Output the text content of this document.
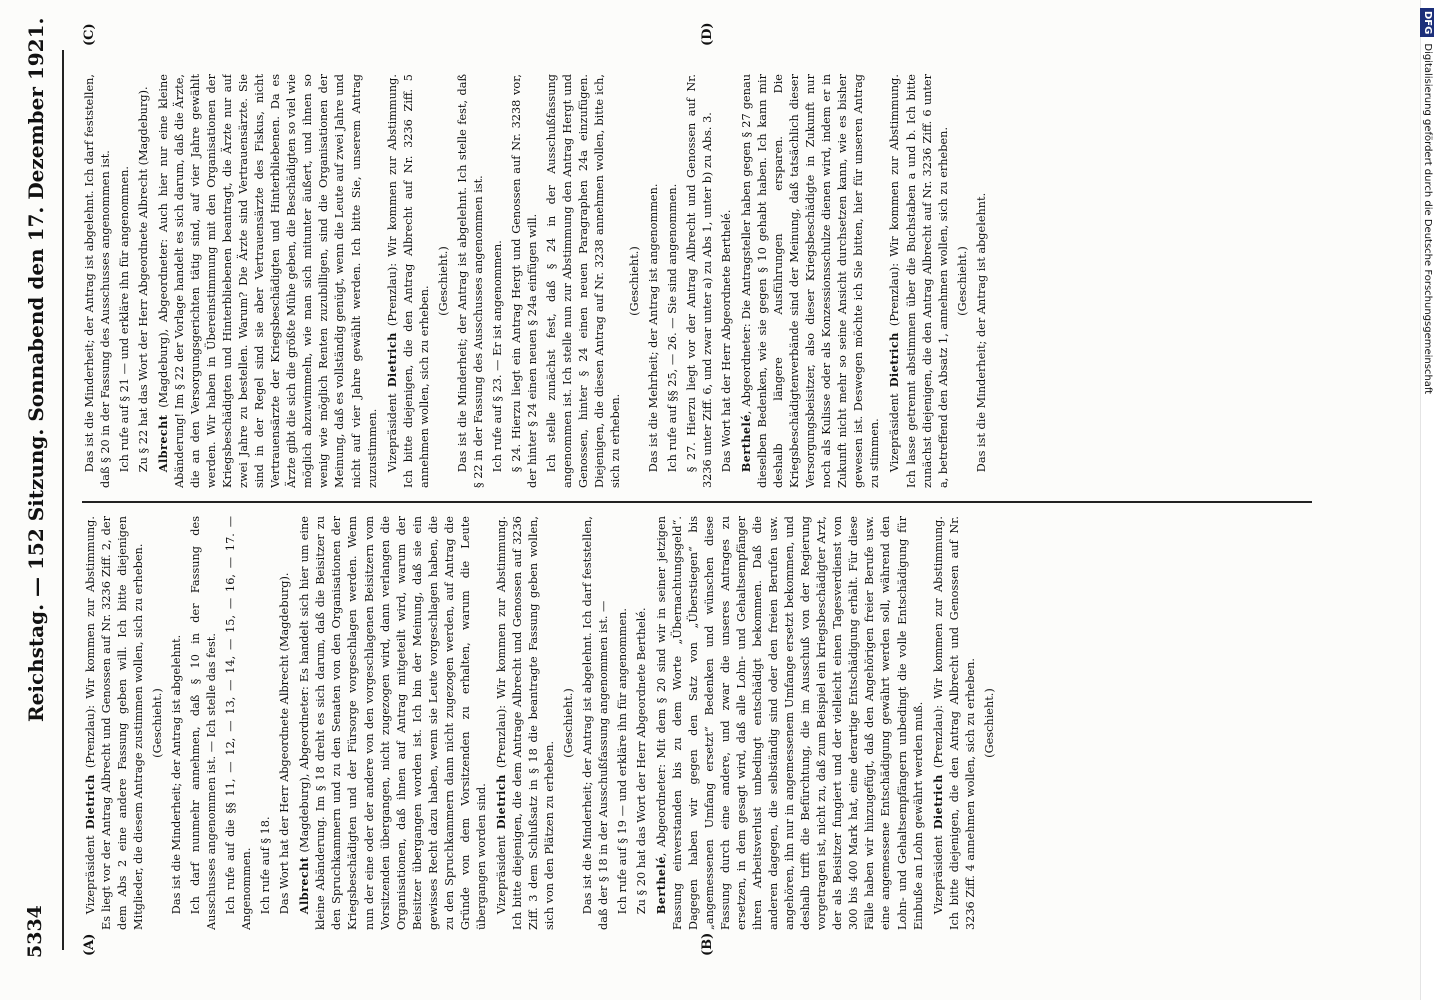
5334
Reichstag. — 152 Sitzung. Sonnabend den 17. Dezember 1921.
(A)	(B)
(C)	(D)

Vizepräsident Dietrich (Prenzlau): Wir kommen zur Abstimmung. Es liegt vor der Antrag Albrecht und Genossen auf Nr. 3236 Ziff. 2, der dem Abs 2 eine andere Fassung geben will. Ich bitte diejenigen Mitglieder, die diesem Antrage zustimmen wollen, sich zu erheben. (Geschieht.) Das ist die Minderheit; der Antrag ist abgelehnt. Ich darf nunmehr annehmen, daß § 10 in der Fassung des Ausschusses angenommen ist. — Ich stelle das fest. Ich rufe auf die §§ 11, — 12, — 13, — 14, — 15, — 16, — 17. — Angenommen. Ich rufe auf § 18. Das Wort hat der Herr Abgeordnete Albrecht (Magdeburg). Albrecht (Magdeburg), Abgeordneter: Es handelt sich hier um eine kleine Abänderung. Im § 18 dreht es sich darum, daß die Beisitzer zu den Spruchkammern und zu den Senaten von den Organisationen der Kriegsbeschädigten und der Fürsorge vorgeschlagen werden. Wenn nun der eine oder der andere von den vorgeschlagenen Beisitzern vom Vorsitzenden übergangen, nicht zugezogen wird, dann verlangen die Organisationen, daß ihnen auf Antrag mitgeteilt wird, warum der Beisitzer übergangen worden ist. Ich bin der Meinung, daß sie ein gewisses Recht dazu haben, wenn sie Leute vorgeschlagen haben, die zu den Spruchkammern dann nicht zugezogen werden, auf Antrag die Gründe von dem Vorsitzenden zu erhalten, warum die Leute übergangen worden sind. Vizepräsident Dietrich (Prenzlau): Wir kommen zur Abstimmung. Ich bitte diejenigen, die dem Antrage Albrecht und Genossen auf 3236 Ziff. 3 dem Schlußsatz in § 18 die beantragte Fassung geben wollen, sich von den Plätzen zu erheben.

(Geschieht.) Das ist die Minderheit; der Antrag ist abgelehnt. Ich darf feststellen, daß der § 18 in der Ausschußfassung angenommen ist. — Ich rufe auf § 19 — und erkläre ihn für angenommen. Zu § 20 hat das Wort der Herr Abgeordnete Berthelé. Berthelé, Abgeordneter: Mit dem § 20 sind wir in seiner jetzigen Fassung einverstanden bis zu dem Worte „Übernachtungsgeld“. Dagegen haben wir gegen den Satz von „Überstiegen“ bis „angemessenen Umfang ersetzt“ Bedenken und wünschen diese Fassung durch eine andere, und zwar die unseres Antrages zu ersetzen, in dem gesagt wird, daß alle Lohn- und Gehaltsempfänger ihren Arbeitsverlust unbedingt entschädigt bekommen. Daß die anderen dagegen, die selbständig sind oder den freien Berufen usw. angehören, ihn nur in angemessenem Umfange ersetzt bekommen, und deshalb trifft die Befürchtung, die im Ausschuß von der Regierung vorgetragen ist, nicht zu, daß zum Beispiel ein kriegsbeschädigter Arzt, der als Beisitzer fungiert und der vielleicht einen Tagesverdienst von 300 bis 400 Mark hat, eine derartige Entschädigung erhält. Für diese Fälle haben wir hinzugefügt, daß den Angehörigen freier Berufe usw. eine angemessene Entschädigung gewährt werden soll, während den Lohn- und Gehaltsempfängern unbedingt die volle Entschädigung für Einbuße an Lohn gewährt werden muß. Vizepräsident Dietrich (Prenzlau): Wir kommen zur Abstimmung. Ich bitte diejenigen, die den Antrag Albrecht und Genossen auf Nr. 3236 Ziff. 4 annehmen wollen, sich zu erheben. (Geschieht.)

Das ist die Minderheit; der Antrag ist abgelehnt. Ich darf feststellen, daß § 20 in der Fassung des Ausschusses angenommen ist. Ich rufe auf § 21 — und erkläre ihn für angenommen. Zu § 22 hat das Wort der Herr Abgeordnete Albrecht (Magdeburg). Albrecht (Magdeburg), Abgeordneter: Auch hier nur eine kleine Abänderung! Im § 22 der Vorlage handelt es sich darum, daß die Ärzte, die an den Versorgungsgerichten tätig sind, auf vier Jahre gewählt werden. Wir haben in Übereinstimmung mit den Organisationen der Kriegsbeschädigten und Hinterbliebenen beantragt, die Ärzte nur auf zwei Jahre zu bestellen. Warum? Die Ärzte sind Vertrauensärzte. Sie sind in der Regel sind sie aber Vertrauensärzte des Fiskus, nicht Vertrauensärzte der Kriegsbeschädigten und Hinterbliebenen. Da es Ärzte gibt die sich die größte Mühe geben, die Beschädigten so viel wie möglich abzuwimmeln, wie man sich mitunter äußert, und ihnen so wenig wie möglich Renten zuzubilligen, sind die Organisationen der Meinung, daß es vollständig genügt, wenn die Leute auf zwei Jahre und nicht auf vier Jahre gewählt werden. Ich bitte Sie, unserem Antrag zuzustimmen. Vizepräsident Dietrich (Prenzlau): Wir kommen zur Abstimmung. Ich bitte diejenigen, die den Antrag Albrecht auf Nr. 3236 Ziff. 5 annehmen wollen, sich zu erheben.

(Geschieht.) Das ist die Minderheit; der Antrag ist abgelehnt. Ich stelle fest, daß § 22 in der Fassung des Ausschusses angenommen ist. Ich rufe auf § 23. — Er ist angenommen. § 24. Hierzu liegt ein Antrag Hergt und Genossen auf Nr. 3238 vor, der hinter § 24 einen neuen § 24a einfügen will. Ich stelle zunächst fest, daß § 24 in der Ausschußfassung angenommen ist. Ich stelle nun zur Abstimmung den Antrag Hergt und Genossen, hinter § 24 einen neuen Paragraphen 24a einzufügen. Diejenigen, die diesen Antrag auf Nr. 3238 annehmen wollen, bitte ich, sich zu erheben.

(Geschieht.) Das ist die Mehrheit; der Antrag ist angenommen. Ich rufe auf §§ 25, — 26. — Sie sind angenommen. § 27. Hierzu liegt vor der Antrag Albrecht und Genossen auf Nr. 3236 unter Ziff. 6, und zwar unter a) zu Abs 1, unter b) zu Abs. 3. Das Wort hat der Herr Abgeordnete Berthelé. Berthelé, Abgeordneter: Die Antragsteller haben gegen § 27 genau dieselben Bedenken, wie sie gegen § 10 gehabt haben. Ich kann mir deshalb längere Ausführungen ersparen. Die Kriegsbeschädigtenverbände sind der Meinung, daß tatsächlich dieser Versorgungsbeisitzer, also dieser Kriegsbeschädigte in Zukunft nur noch als Kulisse oder als Konzessionsschulze dienen wird, indem er in Zukunft nicht mehr so seine Ansicht durchsetzen kann, wie es bisher gewesen ist. Deswegen möchte ich Sie bitten, hier für unseren Antrag zu stimmen. Vizepräsident Dietrich (Prenzlau): Wir kommen zur Abstimmung. Ich lasse getrennt abstimmen über die Buchstaben a und b. Ich bitte zunächst diejenigen, die den Antrag Albrecht auf Nr. 3236 Ziff. 6 unter a, betreffend den Absatz 1, annehmen wollen, sich zu erheben. (Geschieht.) Das ist die Minderheit; der Antrag ist abgelehnt.

DFGDigitalisierung gefördert durch die Deutsche Forschungsgemeinschaft
